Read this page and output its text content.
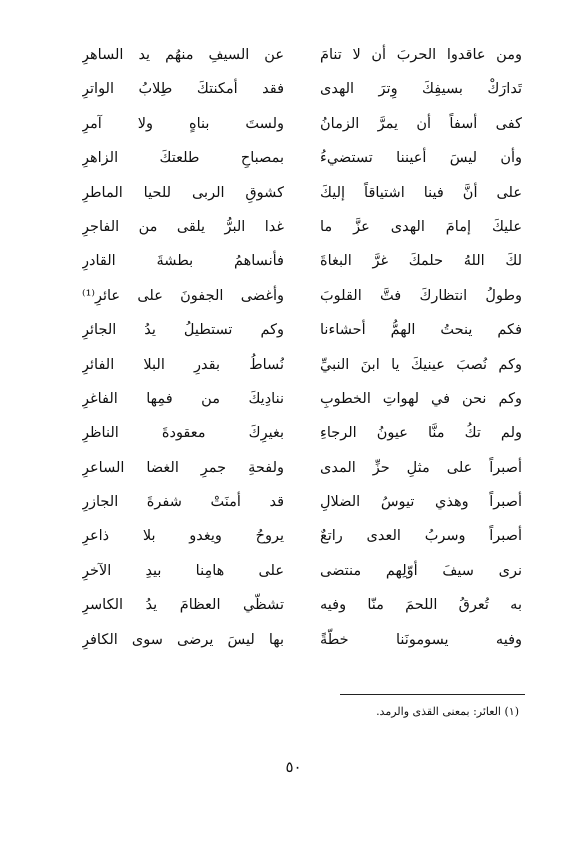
ومن عاقدوا الحربَ أن لا تنامَ
عن السيفِ منهُم يد الساهرِ
تَدارَكْ بسيفِكَ وِترَ الهدى
فقد أمكنتكَ طِلابُ الواترِ
كفى أسفاً أن يمرَّ الزمانُ
ولستَ بناهٍ ولا آمرِ
وأن ليسَ أعيننا تستضيءُ
بمصباحِ طلعتكَ الزاهرِ
على أنَّ فينا اشتياقاً إليكَ
كشوقِ الربى للحيا الماطرِ
عليكَ إمامَ الهدى عزَّ ما
غدا البرُّ يلقى من الفاجرِ
لكَ اللهُ حلمكَ غرَّ البغاةَ
فأنساهمُ بطشةَ القادرِ
وطولُ انتظاركَ فتَّ القلوبَ
وأغضى الجفونَ على عائرِ⁽¹⁾
فكم ينحتُ الهمُّ أحشاءنا
وكم تستطيلُ يدُ الجائرِ
وكم نُصبَ عينيكَ يا ابنَ النبيِّ
نُساطُ بقدرِ البلا الفائرِ
وكم نحن في لهواتِ الخطوبِ
ننادِيكَ من فمِها الفاغرِ
ولم تكُ منَّا عيونُ الرجاءِ
بغيرِكَ معقودةَ الناظرِ
أصبراً على مثلِ حزِّ المدى
ولفحةِ جمرِ الغضا الساعرِ
أصبراً وهذي تيوسُ الضلالِ
قد أمنَتْ شفرةَ الجازرِ
أصبراً وسربُ العدى راتعٌ
يروحُ ويغدو بلا ذاعرِ
نرى سيفَ أوّلِهم منتضى
على هامِنا بيدِ الآخرِ
به تُعرقُ اللحمَ منّا وفيه
تشظّي العظامَ يدُ الكاسرِ
وفيه يسومونَنا خطّةً
بها ليسَ يرضى سوى الكافرِ
(١) العائر: بمعنى القذى والرمد.
٥٠
